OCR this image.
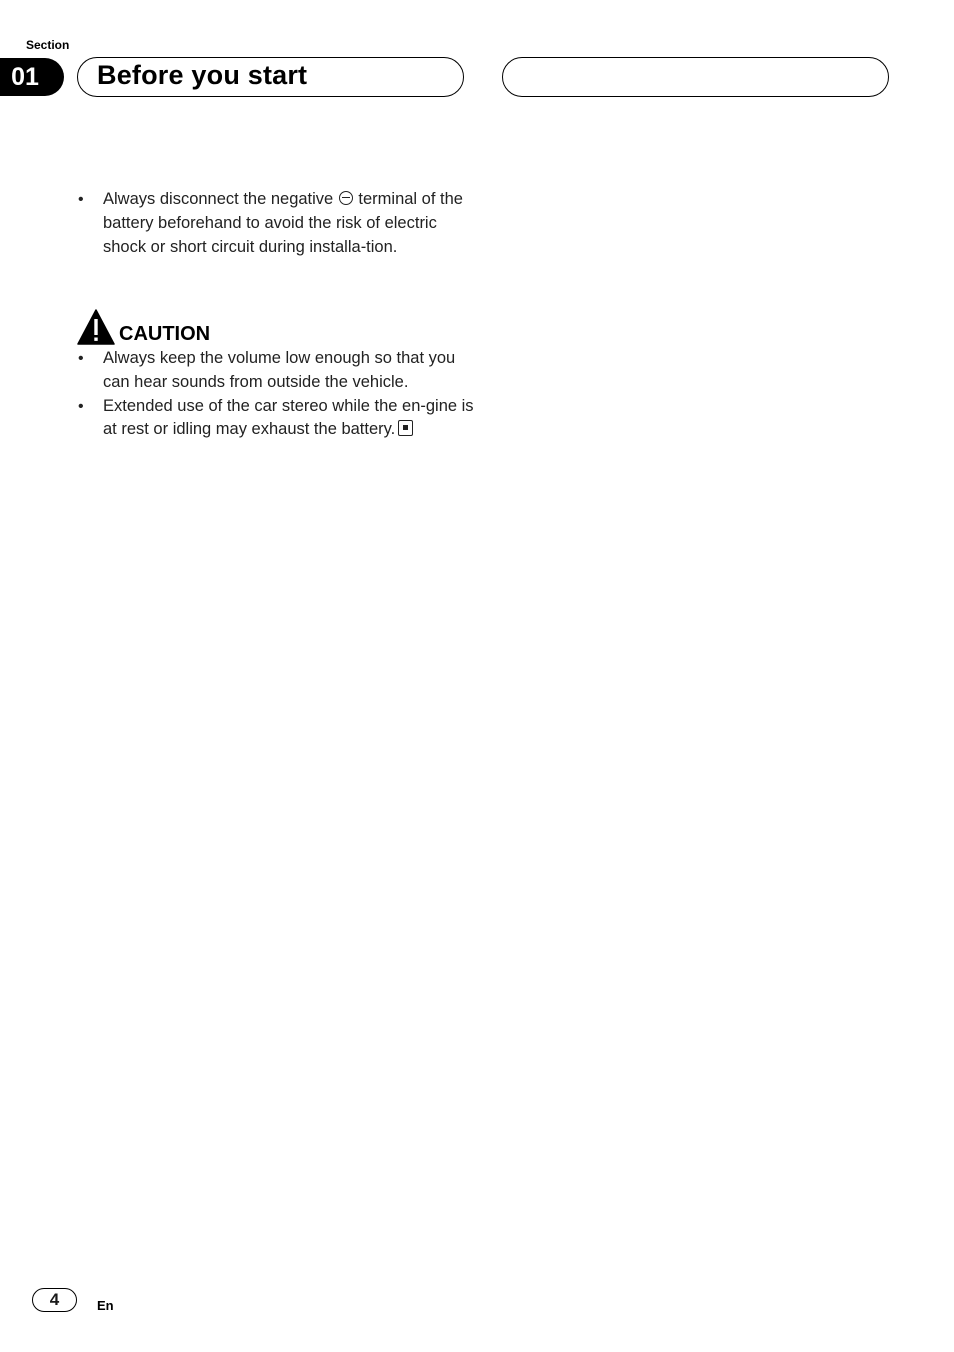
Section
01	Before you start
• Always disconnect the negative terminal of the battery beforehand to avoid the risk of electric shock or short circuit during installa-tion.
CAUTION
• Always keep the volume low enough so that you can hear sounds from outside the vehicle.
• Extended use of the car stereo while the en-gine is at rest or idling may exhaust the battery.
4	En
